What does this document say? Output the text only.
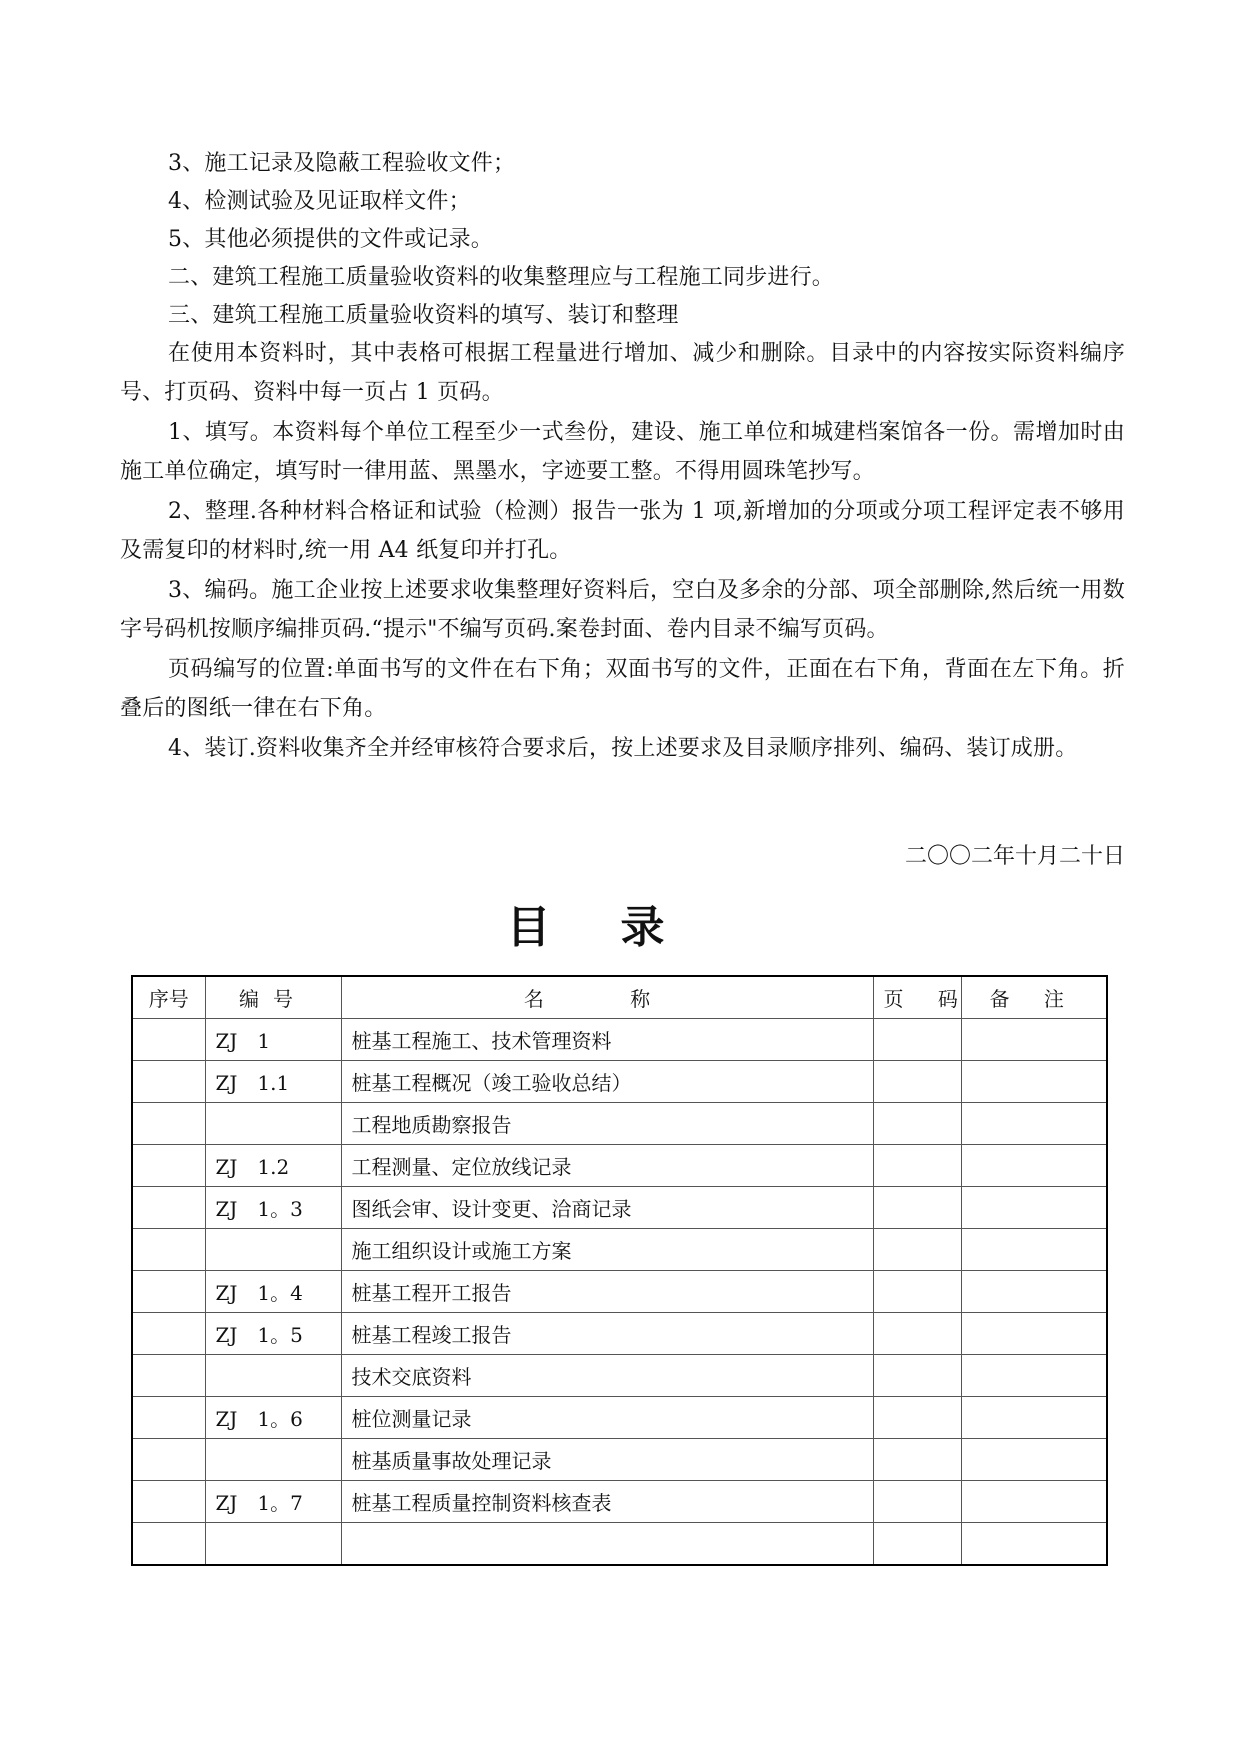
3、施工记录及隐蔽工程验收文件；

4、检测试验及见证取样文件；

5、其他必须提供的文件或记录。

二、建筑工程施工质量验收资料的收集整理应与工程施工同步进行。

三、建筑工程施工质量验收资料的填写、装订和整理

在使用本资料时，其中表格可根据工程量进行增加、减少和删除。目录中的内容按实际资料编序号、打页码、资料中每一页占 1 页码。

1、填写。本资料每个单位工程至少一式叁份，建设、施工单位和城建档案馆各一份。需增加时由施工单位确定，填写时一律用蓝、黑墨水，字迹要工整。不得用圆珠笔抄写。

2、整理.各种材料合格证和试验（检测）报告一张为 1 项,新增加的分项或分项工程评定表不够用及需复印的材料时,统一用 A4 纸复印并打孔。

3、编码。施工企业按上述要求收集整理好资料后，空白及多余的分部、项全部删除,然后统一用数字号码机按顺序编排页码.“提示"不编写页码.案卷封面、卷内目录不编写页码。

页码编写的位置:单面书写的文件在右下角；双面书写的文件，正面在右下角，背面在左下角。折叠后的图纸一律在右下角。

4、装订.资料收集齐全并经审核符合要求后，按上述要求及目录顺序排列、编码、装订成册。

二〇〇二年十月二十日
目录
序号	编号	名 称	页 码	备 注
	ZJ　1	桩基工程施工、技术管理资料		
	ZJ　1.1	桩基工程概况（竣工验收总结）		
		工程地质勘察报告		
	ZJ　1.2	工程测量、定位放线记录		
	ZJ　1。3	图纸会审、设计变更、洽商记录		
		施工组织设计或施工方案		
	ZJ　1。4	桩基工程开工报告		
	ZJ　1。5	桩基工程竣工报告		
		技术交底资料		
	ZJ　1。6	桩位测量记录		
		桩基质量事故处理记录		
	ZJ　1。7	桩基工程质量控制资料核查表		
